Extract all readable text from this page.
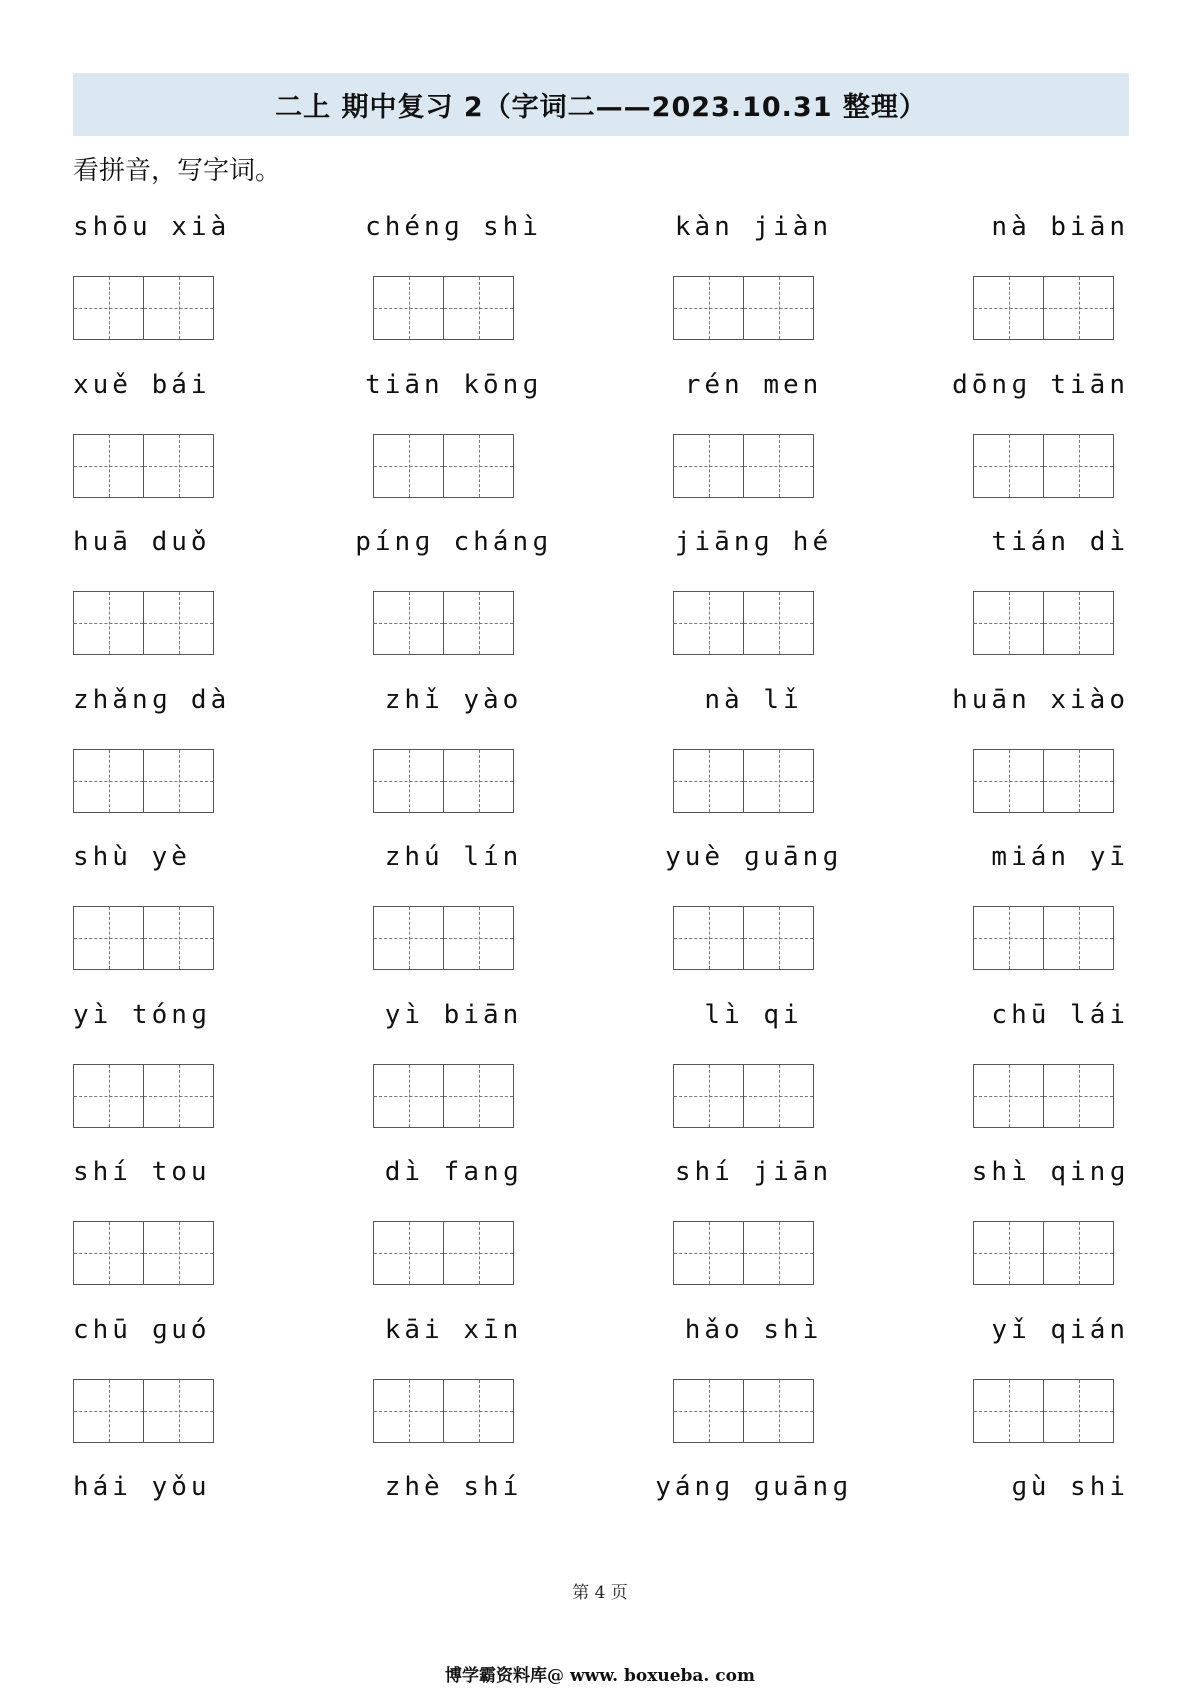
二上 期中复习 2（字词二——2023.10.31 整理）
看拼音，写字词。
shōu xià	chénɡ shì	kàn jiàn	nà biān
xuě bái	tiān kōnɡ	rén men	dōnɡ tiān
huā duǒ	pínɡ chánɡ	jiānɡ hé	tián dì
zhǎnɡ dà	zhǐ yào	nà lǐ	huān xiào
shù yè	zhú lín	yuè ɡuānɡ	mián yī
yì tónɡ	yì biān	lì qi	chū lái
shí tou	dì fanɡ	shí jiān	shì qinɡ
chū ɡuó	kāi xīn	hǎo shì	yǐ qián
hái yǒu	zhè shí	yánɡ ɡuānɡ	ɡù shi
第 4 页
博学霸资料库@ www. boxueba. com
